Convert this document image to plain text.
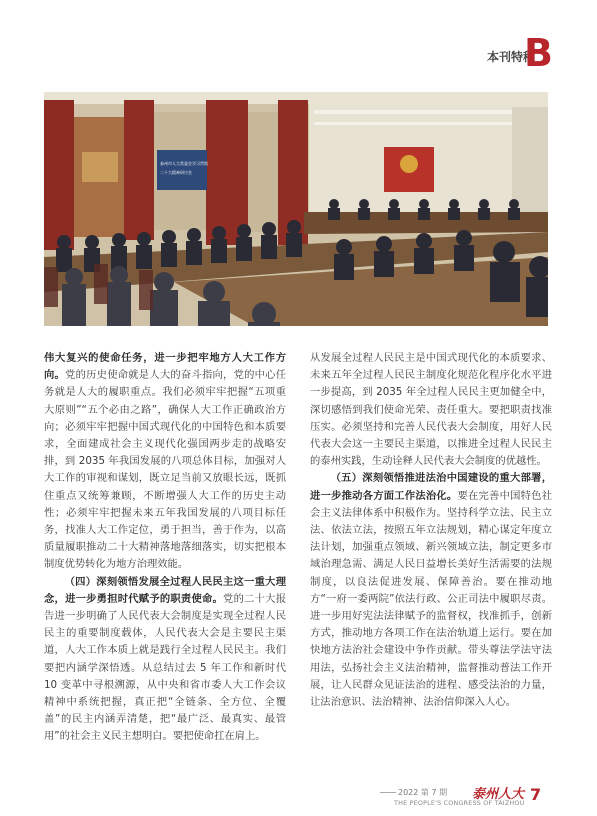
本刊特稿
B
泰州市人大常委会学习贯彻
二十大精神研讨会

伟大复兴的使命任务，进一步把牢地方人大工作方向。党的历史使命就是人大的奋斗指向，党的中心任务就是人大的履职重点。我们必须牢牢把握“五项重大原则”“五个必由之路”，确保人大工作正确政治方向；必须牢牢把握中国式现代化的中国特色和本质要求，全面建成社会主义现代化强国两步走的战略安排，到 2035 年我国发展的八项总体目标，加强对人大工作的审视和谋划，既立足当前又放眼长远，既抓住重点又统筹兼顾，不断增强人大工作的历史主动性；必须牢牢把握未来五年我国发展的八项目标任务，找准人大工作定位，勇于担当，善于作为，以高质量履职推动二十大精神落地落细落实，切实把根本制度优势转化为地方治理效能。

（四）深刻领悟发展全过程人民民主这一重大理念，进一步勇担时代赋予的职责使命。党的二十大报告进一步明确了人民代表大会制度是实现全过程人民民主的重要制度载体，人民代表大会是主要民主渠道，人大工作本质上就是践行全过程人民民主。我们要把内涵学深悟透。从总结过去 5 年工作和新时代 10 变革中寻根溯源，从中央和省市委人大工作会议精神中系统把握，真正把“全链条、全方位、全覆盖”的民主内涵弄清楚，把“最广泛、最真实、最管用”的社会主义民主想明白。要把使命扛在肩上。

从发展全过程人民民主是中国式现代化的本质要求、未来五年全过程人民民主制度化规范化程序化水平进一步提高，到 2035 年全过程人民民主更加健全中，深切感悟到我们使命光荣、责任重大。要把职责找准压实。必须坚持和完善人民代表大会制度，用好人民代表大会这一主要民主渠道，以推进全过程人民民主的泰州实践，生动诠释人民代表大会制度的优越性。

（五）深刻领悟推进法治中国建设的重大部署，进一步推动各方面工作法治化。要在完善中国特色社会主义法律体系中积极作为。坚持科学立法、民主立法、依法立法，按照五年立法规划，精心谋定年度立法计划，加强重点领域、新兴领域立法，制定更多市域治理急需、满足人民日益增长美好生活需要的法规制度，以良法促进发展、保障善治。要在推动地方“一府一委两院”依法行政、公正司法中履职尽责。进一步用好宪法法律赋予的监督权，找准抓手，创新方式，推动地方各项工作在法治轨道上运行。要在加快地方法治社会建设中争作贡献。带头尊法学法守法用法，弘扬社会主义法治精神，监督推动普法工作开展，让人民群众见证法治的进程、感受法治的力量，让法治意识、法治精神、法治信仰深入人心。

2022 第 7 期 泰州人大
THE PEOPLE'S CONGRESS OF TAIZHOU 7
